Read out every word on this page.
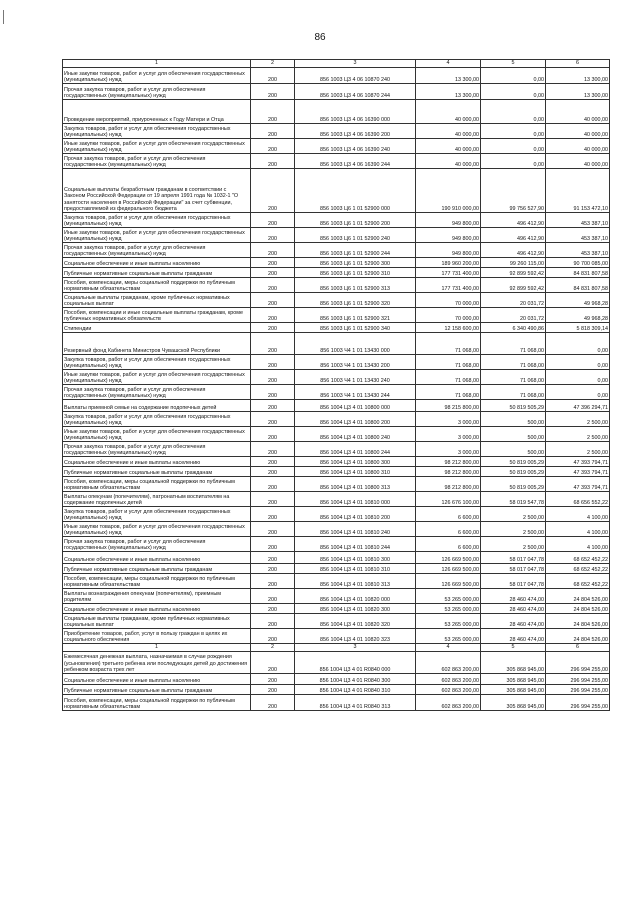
86
1	2	3	4	5	6
Иные закупки товаров, работ и услуг для обеспечения государственных (муниципальных) нужд	200	856 1003 Ц3 4 06 10870 240	13 300,00	0,00	13 300,00
Прочая закупка товаров, работ и услуг для обеспечения государственных (муниципальных) нужд	200	856 1003 Ц3 4 06 10870 244	13 300,00	0,00	13 300,00
Проведение мероприятий, приуроченных к Году Матери и Отца	200	856 1003 Ц3 4 06 16390 000	40 000,00	0,00	40 000,00
Закупка товаров, работ и услуг для обеспечения государственных (муниципальных) нужд	200	856 1003 Ц3 4 06 16390 200	40 000,00	0,00	40 000,00
Иные закупки товаров, работ и услуг для обеспечения государственных (муниципальных) нужд	200	856 1003 Ц3 4 06 16390 240	40 000,00	0,00	40 000,00
Прочая закупка товаров, работ и услуг для обеспечения государственных (муниципальных) нужд	200	856 1003 Ц3 4 06 16390 244	40 000,00	0,00	40 000,00
Социальные выплаты безработным гражданам в соответствии с Законом Российской Федерации от 19 апреля 1991 года № 1032-1 "О занятости населения в Российской Федерации" за счет субвенции, предоставляемой из федерального бюджета	200	856 1003 Ц6 1 01 52900 000	190 910 000,00	99 756 527,90	91 153 472,10
Закупка товаров, работ и услуг для обеспечения государственных (муниципальных) нужд	200	856 1003 Ц6 1 01 52900 200	949 800,00	496 412,90	453 387,10
Иные закупки товаров, работ и услуг для обеспечения государственных (муниципальных) нужд	200	856 1003 Ц6 1 01 52900 240	949 800,00	496 412,90	453 387,10
Прочая закупка товаров, работ и услуг для обеспечения государственных (муниципальных) нужд	200	856 1003 Ц6 1 01 52900 244	949 800,00	496 412,90	453 387,10
Социальное обеспечение и иные выплаты населению	200	856 1003 Ц6 1 01 52900 300	189 960 200,00	99 260 115,00	90 700 085,00
Публичные нормативные социальные выплаты гражданам	200	856 1003 Ц6 1 01 52900 310	177 731 400,00	92 899 592,42	84 831 807,58
Пособия, компенсации, меры социальной поддержки по публичным нормативным обязательствам	200	856 1003 Ц6 1 01 52900 313	177 731 400,00	92 899 592,42	84 831 807,58
Социальные выплаты гражданам, кроме публичных нормативных социальных выплат	200	856 1003 Ц6 1 01 52900 320	70 000,00	20 031,72	49 968,28
Пособия, компенсации и иные социальные выплаты гражданам, кроме публичных нормативных обязательств	200	856 1003 Ц6 1 01 52900 321	70 000,00	20 031,72	49 968,28
Стипендии	200	856 1003 Ц6 1 01 52900 340	12 158 600,00	6 340 490,86	5 818 309,14
Резервный фонд Кабинета Министров Чувашской Республики	200	856 1003 Ч4 1 01 13430 000	71 068,00	71 068,00	0,00
Закупка товаров, работ и услуг для обеспечения государственных (муниципальных) нужд	200	856 1003 Ч4 1 01 13430 200	71 068,00	71 068,00	0,00
Иные закупки товаров, работ и услуг для обеспечения государственных (муниципальных) нужд	200	856 1003 Ч4 1 01 13430 240	71 068,00	71 068,00	0,00
Прочая закупка товаров, работ и услуг для обеспечения государственных (муниципальных) нужд	200	856 1003 Ч4 1 01 13430 244	71 068,00	71 068,00	0,00
Выплаты приемной семье на содержание подопечных детей	200	856 1004 Ц3 4 01 10800 000	98 215 800,00	50 819 505,29	47 396 294,71
Закупка товаров, работ и услуг для обеспечения государственных (муниципальных) нужд	200	856 1004 Ц3 4 01 10800 200	3 000,00	500,00	2 500,00
Иные закупки товаров, работ и услуг для обеспечения государственных (муниципальных) нужд	200	856 1004 Ц3 4 01 10800 240	3 000,00	500,00	2 500,00
Прочая закупка товаров, работ и услуг для обеспечения государственных (муниципальных) нужд	200	856 1004 Ц3 4 01 10800 244	3 000,00	500,00	2 500,00
Социальное обеспечение и иные выплаты населению	200	856 1004 Ц3 4 01 10800 300	98 212 800,00	50 819 005,29	47 393 794,71
Публичные нормативные социальные выплаты гражданам	200	856 1004 Ц3 4 01 10800 310	98 212 800,00	50 819 005,29	47 393 794,71
Пособия, компенсации, меры социальной поддержки по публичным нормативным обязательствам	200	856 1004 Ц3 4 01 10800 313	98 212 800,00	50 819 005,29	47 393 794,71
Выплаты опекунам (попечителям), патронатным воспитателям на содержание подопечных детей	200	856 1004 Ц3 4 01 10810 000	126 676 100,00	58 019 547,78	68 656 552,22
Закупка товаров, работ и услуг для обеспечения государственных (муниципальных) нужд	200	856 1004 Ц3 4 01 10810 200	6 600,00	2 500,00	4 100,00
Иные закупки товаров, работ и услуг для обеспечения государственных (муниципальных) нужд	200	856 1004 Ц3 4 01 10810 240	6 600,00	2 500,00	4 100,00
Прочая закупка товаров, работ и услуг для обеспечения государственных (муниципальных) нужд	200	856 1004 Ц3 4 01 10810 244	6 600,00	2 500,00	4 100,00
Социальное обеспечение и иные выплаты населению	200	856 1004 Ц3 4 01 10810 300	126 669 500,00	58 017 047,78	68 652 452,22
Публичные нормативные социальные выплаты гражданам	200	856 1004 Ц3 4 01 10810 310	126 669 500,00	58 017 047,78	68 652 452,22
Пособия, компенсации, меры социальной поддержки по публичным нормативным обязательствам	200	856 1004 Ц3 4 01 10810 313	126 669 500,00	58 017 047,78	68 652 452,22
Выплаты вознаграждения опекунам (попечителям), приемным родителям	200	856 1004 Ц3 4 01 10820 000	53 265 000,00	28 460 474,00	24 804 526,00
Социальное обеспечение и иные выплаты населению	200	856 1004 Ц3 4 01 10820 300	53 265 000,00	28 460 474,00	24 804 526,00
Социальные выплаты гражданам, кроме публичных нормативных социальных выплат	200	856 1004 Ц3 4 01 10820 320	53 265 000,00	28 460 474,00	24 804 526,00
Приобретение товаров, работ, услуг в пользу граждан в целях их социального обеспечения	200	856 1004 Ц3 4 01 10820 323	53 265 000,00	28 460 474,00	24 804 526,00
1	2	3	4	5	6
Ежемесячная денежная выплата, назначаемая в случае рождения (усыновления) третьего ребенка или последующих детей до достижения ребенком возраста трех лет	200	856 1004 Ц3 4 01 R0840 000	602 863 200,00	305 868 945,00	296 994 255,00
Социальное обеспечение и иные выплаты населению	200	856 1004 Ц3 4 01 R0840 300	602 863 200,00	305 868 945,00	296 994 255,00
Публичные нормативные социальные выплаты гражданам	200	856 1004 Ц3 4 01 R0840 310	602 863 200,00	305 868 945,00	296 994 255,00
Пособия, компенсации, меры социальной поддержки по публичным нормативным обязательствам	200	856 1004 Ц3 4 01 R0840 313	602 863 200,00	305 868 945,00	296 994 255,00
